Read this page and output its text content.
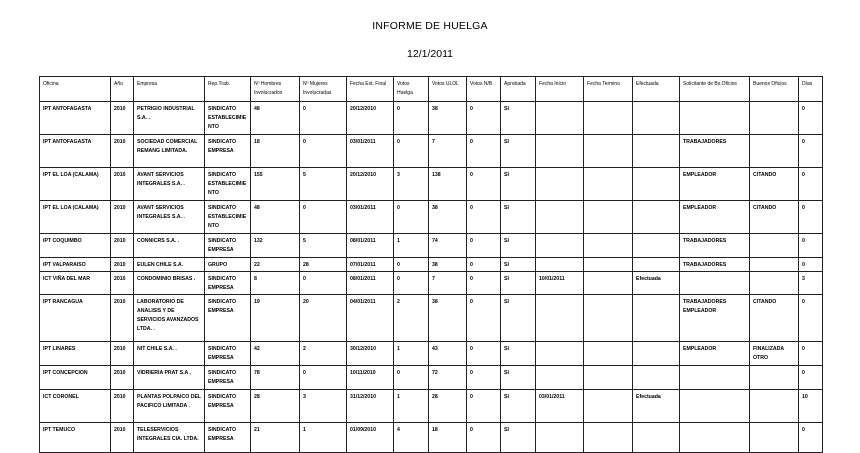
INFORME DE HUELGA
12/1/2011
Oficina	Año	Empresa	Rep.Trab.	Nº Hombres Involucrados	Nº Mujeres Involucradas	Fecha Ext. Final	Votos Huelga	Votos ULOL	Votos N/B	Aprobada	Fecha Inicio	Fecha Termino	Efectuada	Solicitante de Bs.Oficios	Buenos Oficios	Días
IPT ANTOFAGASTA	2010	PETRIGIO INDUSTRIAL S.A. .	SINDICATO ESTABLECIMIENTO	48	0	20/12/2010	0	38	0	SI						0
IPT ANTOFAGASTA	2010	SOCIEDAD COMERCIAL REMANG LIMITADA.	SINDICATO EMPRESA	18	0	03/01/2011	0	7	0	SI				TRABAJADORES		0
IPT EL LOA (CALAMA)	2010	AVANT SERVICIOS INTEGRALES S.A. .	SINDICATO ESTABLECIMIENTO	155	5	20/12/2010	3	138	0	SI				EMPLEADOR	CITANDO	0
IPT EL LOA (CALAMA)	2010	AVANT SERVICIOS INTEGRALES S.A. .	SINDICATO ESTABLECIMIENTO	48	0	03/01/2011	0	38	0	SI				EMPLEADOR	CITANDO	0
IPT COQUIMBO	2010	CONNICRS S.A. .	SINDICATO EMPRESA	132	5	08/01/2011	1	74	0	SI				TRABAJADORES		0
IPT VALPARAISO	2010	EULEN CHILE S.A.	GRUPO	22	28	07/01/2011	0	38	0	SI				TRABAJADORES		0
ICT VIÑA DEL MAR	2010	CONDOMINIO BRISAS .	SINDICATO EMPRESA	8	0	08/01/2011	0	7	0	SI	10/01/2011		Efectuada			3
IPT RANCAGUA	2010	LABORATORIO DE ANALISIS Y DE SERVICIOS AVANZADOS LTDA. .	SINDICATO EMPRESA	19	20	04/01/2011	2	38	0	SI				TRABAJADORES EMPLEADOR	CITANDO	0
IPT LINARES	2010	NIT CHILE S.A. .	SINDICATO EMPRESA	42	2	30/12/2010	1	43	0	SI				EMPLEADOR	FINALIZADA OTRO	0
IPT CONCEPCION	2010	VIDRIERIA PRAT S.A .	SINDICATO EMPRESA	78	0	10/11/2010	0	72	0	SI						0
ICT CORONEL	2010	PLANTAS POLPAICO DEL PACIFICO LIMITADA .	SINDICATO EMPRESA	28	3	31/12/2010	1	28	0	SI	03/01/2011		Efectuada			10
IPT TEMUCO	2010	TELESERVICIOS INTEGRALES CIA. LTDA.	SINDICATO EMPRESA	21	1	01/09/2010	4	18	0	SI						0
